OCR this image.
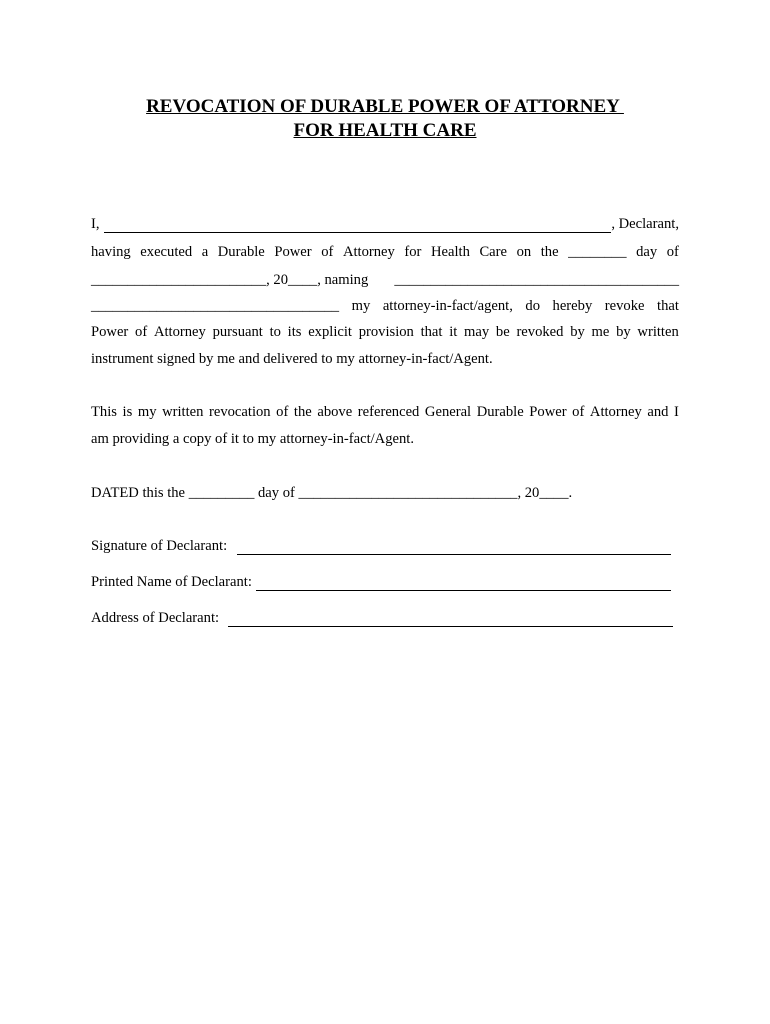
REVOCATION OF DURABLE POWER OF ATTORNEY
FOR HEALTH CARE
I,	, Declarant,
having executed a Durable Power of Attorney for Health Care on the ________ day of
________________________, 20____, naming _______________________________________
__________________________________ my attorney-in-fact/agent, do hereby revoke that
Power of Attorney pursuant to its explicit provision that it may be revoked by me by written
instrument signed by me and delivered to my attorney-in-fact/Agent.
This is my written revocation of the above referenced General Durable Power of Attorney and I
am providing a copy of it to my attorney-in-fact/Agent.
DATED this the _________ day of ______________________________, 20____.
Signature of Declarant:
Printed Name of Declarant:
Address of Declarant:
